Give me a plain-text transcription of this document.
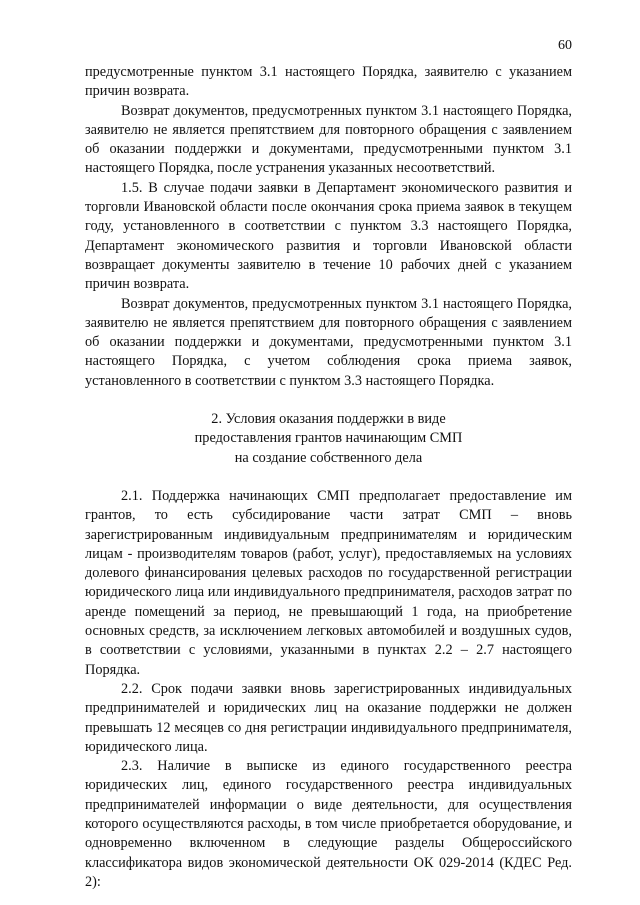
60

предусмотренные пунктом 3.1 настоящего Порядка, заявителю с указанием причин возврата.

Возврат документов, предусмотренных пунктом 3.1 настоящего Порядка, заявителю не является препятствием для повторного обращения с заявлением об оказании поддержки и документами, предусмотренными пунктом 3.1 настоящего Порядка, после устранения указанных несоответствий.

1.5. В случае подачи заявки в Департамент экономического развития и торговли Ивановской области после окончания срока приема заявок в текущем году, установленного в соответствии с пунктом 3.3 настоящего Порядка, Департамент экономического развития и торговли Ивановской области возвращает документы заявителю в течение 10 рабочих дней с указанием причин возврата.

Возврат документов, предусмотренных пунктом 3.1 настоящего Порядка, заявителю не является препятствием для повторного обращения с заявлением об оказании поддержки и документами, предусмотренными пунктом 3.1 настоящего Порядка, с учетом соблюдения срока приема заявок, установленного в соответствии с пунктом 3.3 настоящего Порядка.

2. Условия оказания поддержки в виде
предоставления грантов начинающим СМП
на создание собственного дела

2.1. Поддержка начинающих СМП предполагает предоставление им грантов, то есть субсидирование части затрат СМП – вновь зарегистрированным индивидуальным предпринимателям и юридическим лицам - производителям товаров (работ, услуг), предоставляемых на условиях долевого финансирования целевых расходов по государственной регистрации юридического лица или индивидуального предпринимателя, расходов затрат по аренде помещений за период, не превышающий 1 года, на приобретение основных средств, за исключением легковых автомобилей и воздушных судов, в соответствии с условиями, указанными в пунктах 2.2 – 2.7 настоящего Порядка.

2.2. Срок подачи заявки вновь зарегистрированных индивидуальных предпринимателей и юридических лиц на оказание поддержки не должен превышать 12 месяцев со дня регистрации индивидуального предпринимателя, юридического лица.

2.3. Наличие в выписке из единого государственного реестра юридических лиц, единого государственного реестра индивидуальных предпринимателей информации о виде деятельности, для осуществления которого осуществляются расходы, в том числе приобретается оборудование, и одновременно включенном в следующие разделы Общероссийского классификатора видов экономической деятельности ОК 029-2014 (КДЕС Ред. 2):
